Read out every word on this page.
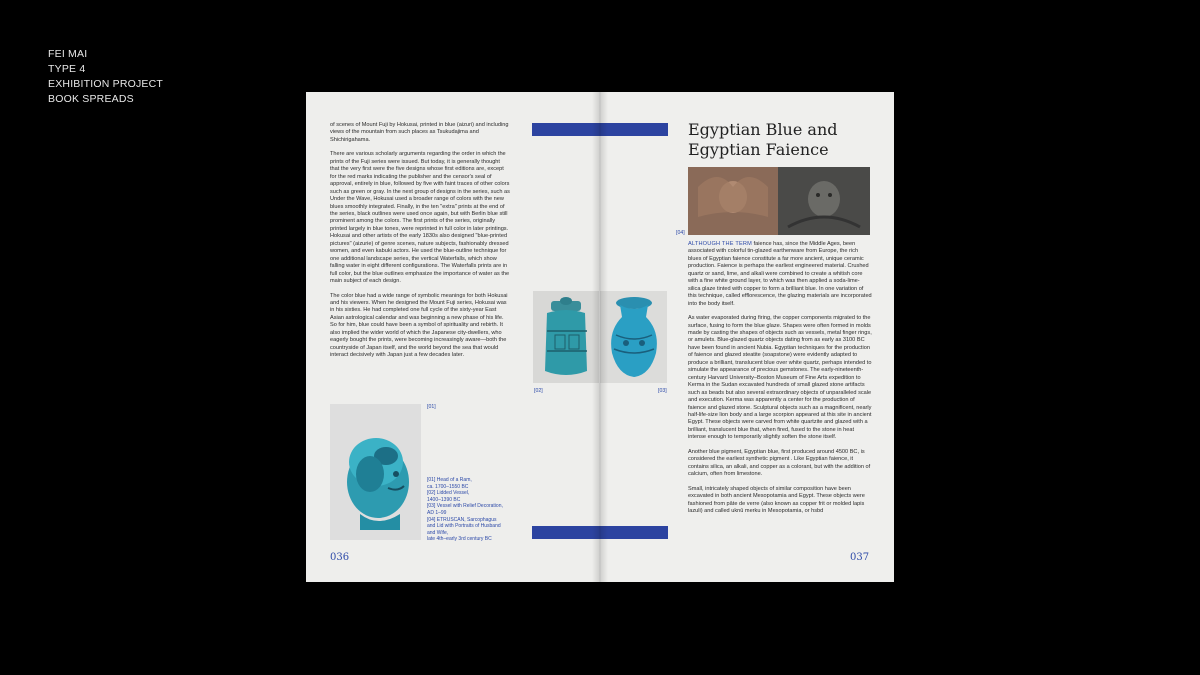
FEI MAI
TYPE 4
EXHIBITION PROJECT
BOOK SPREADS

of scenes of Mount Fuji by Hokusai, printed in blue (aizuri) and including views of the mountain from such places as Tsukudajima and Shichirigahama.

There are various scholarly arguments regarding the order in which the prints of the Fuji series were issued. But today, it is generally thought that the very first were the five designs whose first editions are, except for the red marks indicating the publisher and the censor's seal of approval, entirely in blue, followed by five with faint traces of other colors such as green or gray. In the next group of designs in the series, such as Under the Wave, Hokusai used a broader range of colors with the new blues smoothly integrated. Finally, in the ten "extra" prints at the end of the series, black outlines were used once again, but with Berlin blue still prominent among the colors. The first prints of the series, originally printed largely in blue tones, were reprinted in full color in later printings. Hokusai and other artists of the early 1830s also designed "blue-printed pictures" (aizurie) of genre scenes, nature subjects, fashionably dressed women, and even kabuki actors. He used the blue-outline technique for one additional landscape series, the vertical Waterfalls, which show falling water in eight different configurations. The Waterfalls prints are in full color, but the blue outlines emphasize the importance of water as the main subject of each design.

The color blue had a wide range of symbolic meanings for both Hokusai and his viewers. When he designed the Mount Fuji series, Hokusai was in his sixties. He had completed one full cycle of the sixty-year East Asian astrological calendar and was beginning a new phase of his life. So for him, blue could have been a symbol of spirituality and rebirth. It also implied the wider world of which the Japanese city-dwellers, who eagerly bought the prints, were becoming increasingly aware—both the countryside of Japan itself, and the world beyond the sea that would interact decisively with Japan just a few decades later.

[01]
[01] Head of a Ram,
ca. 1700–1550 BC
[02] Lidded Vessel,
1400–1390 BC
[03] Vessel with Relief Decoration,
AD 1–99
[04] ETRUSCAN, Sarcophagus
and Lid with Portraits of Husband
and Wife,
late 4th–early 3rd century BC
036
[02]	[03]
Egyptian Blue and Egyptian Faience
[04]

ALTHOUGH THE TERM faience has, since the Middle Ages, been associated with colorful tin-glazed earthenware from Europe, the rich blues of Egyptian faience constitute a far more ancient, unique ceramic production. Faience is perhaps the earliest engineered material. Crushed quartz or sand, lime, and alkali were combined to create a whitish core with a fine white ground layer, to which was then applied a soda-lime-silica glaze tinted with copper to form a brilliant blue. In one variation of this technique, called efflorescence, the glazing materials are incorporated into the body itself.

As water evaporated during firing, the copper components migrated to the surface, fusing to form the blue glaze. Shapes were often formed in molds made by casting the shapes of objects such as vessels, metal finger rings, or amulets. Blue-glazed quartz objects dating from as early as 3100 BC have been found in ancient Nubia. Egyptian techniques for the production of faience and glazed steatite (soapstone) were evidently adapted to produce a brilliant, translucent blue over white quartz, perhaps intended to simulate the appearance of precious gemstones. The early-nineteenth-century Harvard University–Boston Museum of Fine Arts expedition to Kerma in the Sudan excavated hundreds of small glazed stone artifacts such as beads but also several extraordinary objects of unparalleled scale and execution. Kerma was apparently a center for the production of faience and glazed stone. Sculptural objects such as a magnificent, nearly half-life-size lion body and a large scorpion appeared at this site in ancient Egypt. These objects were carved from white quartzite and glazed with a brilliant, translucent blue that, when fired, fused to the stone in heat intense enough to temporarily slightly soften the stone itself.

Another blue pigment, Egyptian blue, first produced around 4500 BC, is considered the earliest synthetic pigment . Like Egyptian faience, it contains silica, an alkali, and copper as a colorant, but with the addition of calcium, often from limestone.

Small, intricately shaped objects of similar composition have been excavated in both ancient Mesopotamia and Egypt. These objects were fashioned from pâte de verre (also known as copper frit or molded lapis lazuli) and called uknû merku in Mesopotamia, or hsbd

037
